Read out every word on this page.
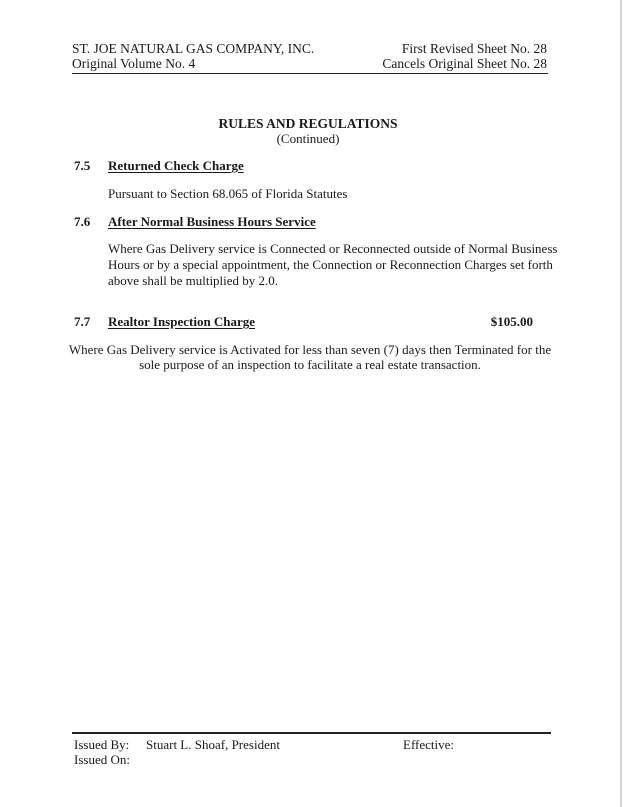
ST. JOE NATURAL GAS COMPANY, INC.
Original Volume No. 4
First Revised Sheet No. 28
Cancels Original Sheet No. 28
RULES AND REGULATIONS
(Continued)
7.5 Returned Check Charge
Pursuant to Section 68.065 of Florida Statutes
7.6 After Normal Business Hours Service
Where Gas Delivery service is Connected or Reconnected outside of Normal Business
Hours or by a special appointment, the Connection or Reconnection Charges set forth
above shall be multiplied by 2.0.
7.7 Realtor Inspection Charge	$105.00
Where Gas Delivery service is Activated for less than seven (7) days then Terminated for the
sole purpose of an inspection to facilitate a real estate transaction.
Issued By: Stuart L. Shoaf, President	Effective:
Issued On:
